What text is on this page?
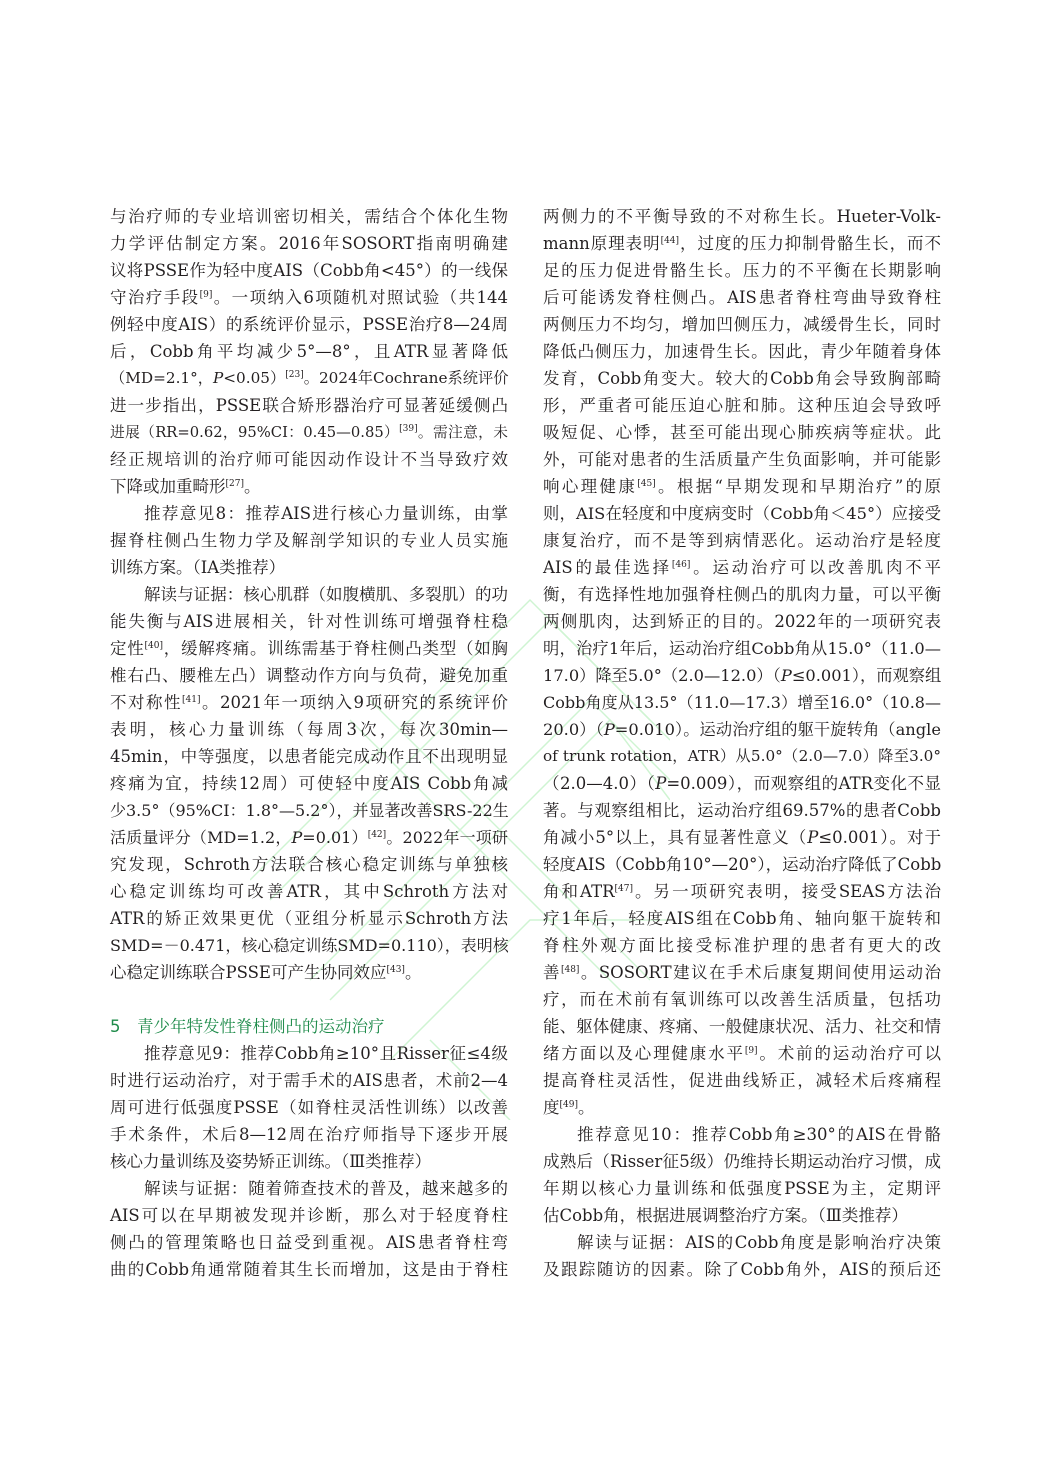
与治疗师的专业培训密切相关，需结合个体化生物
力学评估制定方案。2016年SOSORT指南明确建
议将PSSE作为轻中度AIS（Cobb角<45°）的一线保
守治疗手段[9]。一项纳入6项随机对照试验（共144
例轻中度AIS）的系统评价显示，PSSE治疗8—24周
后，Cobb角平均减少5°—8°，且ATR显著降低
（MD=2.1°，P<0.05）[23]。2024年Cochrane系统评价
进一步指出，PSSE联合矫形器治疗可显著延缓侧凸
进展（RR=0.62，95%CI：0.45—0.85）[39]。需注意，未
经正规培训的治疗师可能因动作设计不当导致疗效
下降或加重畸形[27]。
推荐意见8：推荐AIS进行核心力量训练，由掌
握脊柱侧凸生物力学及解剖学知识的专业人员实施
训练方案。（ⅠA类推荐）
解读与证据：核心肌群（如腹横肌、多裂肌）的功
能失衡与AIS进展相关，针对性训练可增强脊柱稳
定性[40]，缓解疼痛。训练需基于脊柱侧凸类型（如胸
椎右凸、腰椎左凸）调整动作方向与负荷，避免加重
不对称性[41]。2021年一项纳入9项研究的系统评价
表明，核心力量训练（每周3次，每次30min—
45min，中等强度，以患者能完成动作且不出现明显
疼痛为宜，持续12周）可使轻中度AIS Cobb角减
少3.5°（95%CI：1.8°—5.2°），并显著改善SRS-22生
活质量评分（MD=1.2，P=0.01）[42]。2022年一项研
究发现，Schroth方法联合核心稳定训练与单独核
心稳定训练均可改善ATR，其中Schroth方法对
ATR的矫正效果更优（亚组分析显示Schroth方法
SMD=－0.471，核心稳定训练SMD=0.110），表明核
心稳定训练联合PSSE可产生协同效应[43]。
5　青少年特发性脊柱侧凸的运动治疗
推荐意见9：推荐Cobb角≥10°且Risser征≤4级
时进行运动治疗，对于需手术的AIS患者，术前2—4
周可进行低强度PSSE（如脊柱灵活性训练）以改善
手术条件，术后8—12周在治疗师指导下逐步开展
核心力量训练及姿势矫正训练。（Ⅲ类推荐）
解读与证据：随着筛查技术的普及，越来越多的
AIS可以在早期被发现并诊断，那么对于轻度脊柱
侧凸的管理策略也日益受到重视。AIS患者脊柱弯
曲的Cobb角通常随着其生长而增加，这是由于脊柱
两侧力的不平衡导致的不对称生长。Hueter-Volk-
mann原理表明[44]，过度的压力抑制骨骼生长，而不
足的压力促进骨骼生长。压力的不平衡在长期影响
后可能诱发脊柱侧凸。AIS患者脊柱弯曲导致脊柱
两侧压力不均匀，增加凹侧压力，减缓骨生长，同时
降低凸侧压力，加速骨生长。因此，青少年随着身体
发育，Cobb角变大。较大的Cobb角会导致胸部畸
形，严重者可能压迫心脏和肺。这种压迫会导致呼
吸短促、心悸，甚至可能出现心肺疾病等症状。此
外，可能对患者的生活质量产生负面影响，并可能影
响心理健康[45]。根据“早期发现和早期治疗”的原
则，AIS在轻度和中度病变时（Cobb角＜45°）应接受
康复治疗，而不是等到病情恶化。运动治疗是轻度
AIS的最佳选择[46]。运动治疗可以改善肌肉不平
衡，有选择性地加强脊柱侧凸的肌肉力量，可以平衡
两侧肌肉，达到矫正的目的。2022年的一项研究表
明，治疗1年后，运动治疗组Cobb角从15.0°（11.0—
17.0）降至5.0°（2.0—12.0）（P≤0.001），而观察组
Cobb角度从13.5°（11.0—17.3）增至16.0°（10.8—
20.0）（P=0.010）。运动治疗组的躯干旋转角（angle
of trunk rotation，ATR）从5.0°（2.0—7.0）降至3.0°
（2.0—4.0）（P=0.009），而观察组的ATR变化不显
著。与观察组相比，运动治疗组69.57%的患者Cobb
角减小5°以上，具有显著性意义（P≤0.001）。对于
轻度AIS（Cobb角10°—20°），运动治疗降低了Cobb
角和ATR[47]。另一项研究表明，接受SEAS方法治
疗1年后，轻度AIS组在Cobb角、轴向躯干旋转和
脊柱外观方面比接受标准护理的患者有更大的改
善[48]。SOSORT建议在手术后康复期间使用运动治
疗，而在术前有氧训练可以改善生活质量，包括功
能、躯体健康、疼痛、一般健康状况、活力、社交和情
绪方面以及心理健康水平[9]。术前的运动治疗可以
提高脊柱灵活性，促进曲线矫正，减轻术后疼痛程
度[49]。
推荐意见10：推荐Cobb角≥30°的AIS在骨骼
成熟后（Risser征5级）仍维持长期运动治疗习惯，成
年期以核心力量训练和低强度PSSE为主，定期评
估Cobb角，根据进展调整治疗方案。（Ⅲ类推荐）
解读与证据：AIS的Cobb角度是影响治疗决策
及跟踪随访的因素。除了Cobb角外，AIS的预后还
